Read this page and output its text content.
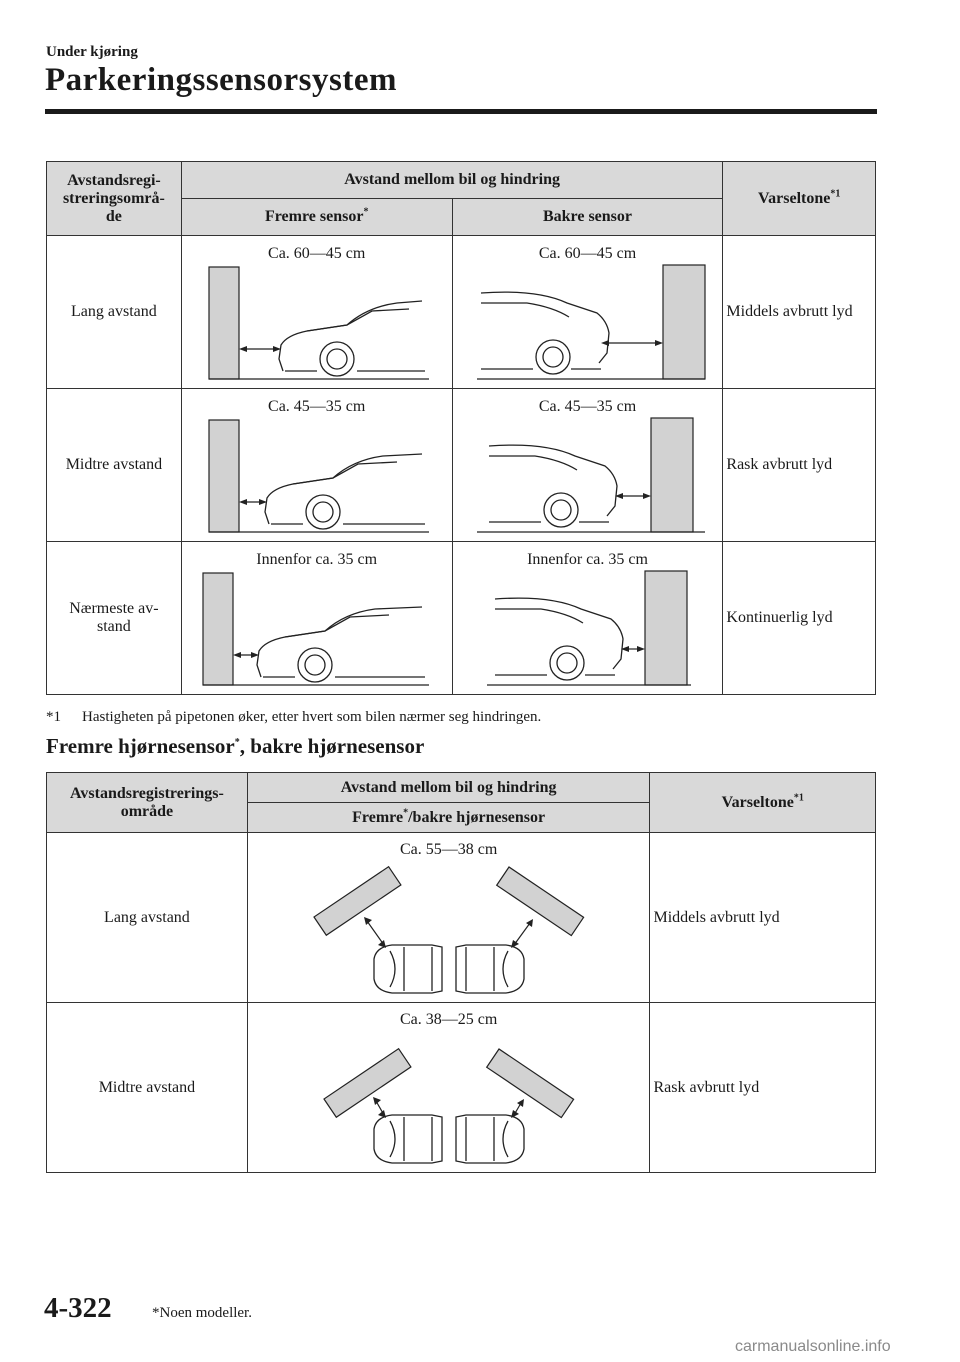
Under kjøring
Parkeringssensorsystem
Avstandsregi-
streringsområ-
de	Avstand mellom bil og hindring		Varseltone$^{*1}$
	Fremre sensor*	Bakre sensor	
Lang avstand	Ca. 60—45 cm	Ca. 60—45 cm	Middels avbrutt lyd
Midtre avstand	Ca. 45—35 cm	Ca. 45—35 cm	Rask avbrutt lyd
Nærmeste av-
stand	Innenfor ca. 35 cm	Innenfor ca. 35 cm	Kontinuerlig lyd
*1 Hastigheten på pipetonen øker, etter hvert som bilen nærmer seg hindringen.
Fremre hjørnesensor*, bakre hjørnesensor
Avstandsregistrerings-
område	Avstand mellom bil og hindring	Varseltone$^{*1}$
	Fremre*/bakre hjørnesensor	
Lang avstand	Ca. 55—38 cm	Middels avbrutt lyd
Midtre avstand	Ca. 38—25 cm	Rask avbrutt lyd
4-322	*Noen modeller.
carmanualsonline.info
